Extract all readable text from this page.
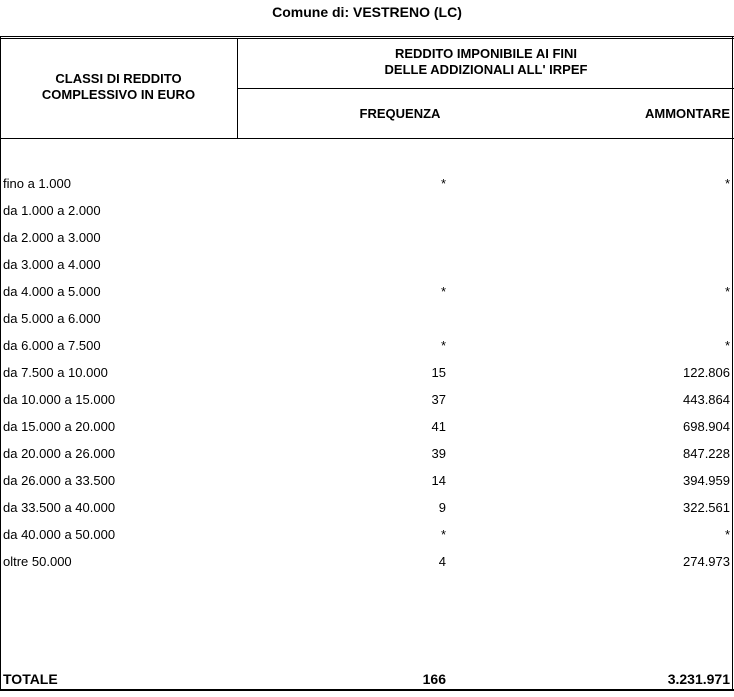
Comune di: VESTRENO (LC)
CLASSI DI REDDITO
COMPLESSIVO IN EURO
REDDITO IMPONIBILE AI FINI
DELLE ADDIZIONALI ALL' IRPEF
FREQUENZA	AMMONTARE
fino a 1.000	*	*
da 1.000 a 2.000
da 2.000 a 3.000
da 3.000 a 4.000
da 4.000 a 5.000	*	*
da 5.000 a 6.000
da 6.000 a 7.500	*	*
da 7.500 a 10.000	15	122.806
da 10.000 a 15.000	37	443.864
da 15.000 a 20.000	41	698.904
da 20.000 a 26.000	39	847.228
da 26.000 a 33.500	14	394.959
da 33.500 a 40.000	9	322.561
da 40.000 a 50.000	*	*
oltre 50.000	4	274.973
TOTALE	166	3.231.971
